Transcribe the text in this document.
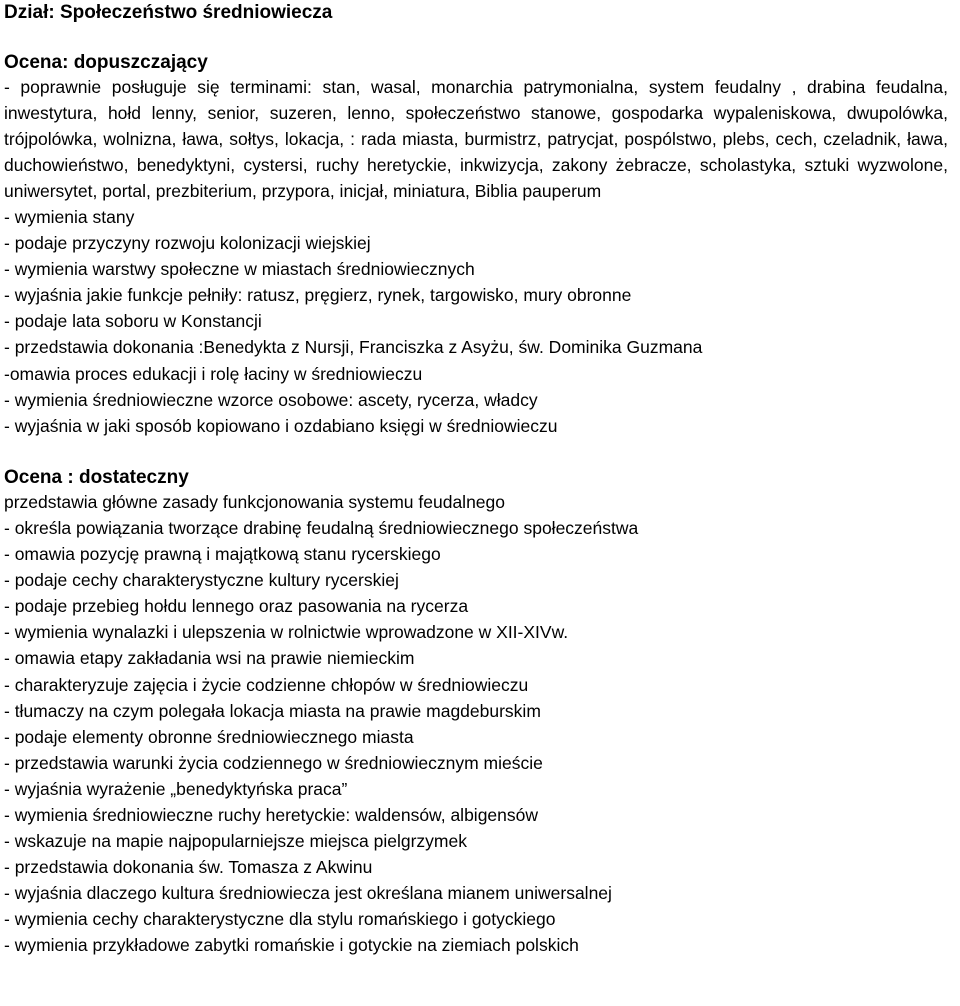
Dział: Społeczeństwo średniowiecza
Ocena: dopuszczający

- poprawnie posługuje się terminami: stan, wasal, monarchia patrymonialna, system feudalny , drabina feudalna, inwestytura, hołd lenny, senior, suzeren, lenno, społeczeństwo stanowe, gospodarka wypaleniskowa, dwupolówka, trójpolówka, wolnizna, ława, sołtys, lokacja, : rada miasta, burmistrz, patrycjat, pospólstwo, plebs, cech, czeladnik, ława, duchowieństwo, benedyktyni, cystersi, ruchy heretyckie, inkwizycja, zakony żebracze, scholastyka, sztuki wyzwolone, uniwersytet, portal, prezbiterium, przypora, inicjał, miniatura, Biblia pauperum

- wymienia stany

- podaje przyczyny rozwoju kolonizacji wiejskiej

- wymienia warstwy społeczne w miastach średniowiecznych

- wyjaśnia jakie funkcje pełniły: ratusz, pręgierz, rynek, targowisko, mury obronne

- podaje lata soboru w Konstancji

- przedstawia dokonania :Benedykta z Nursji, Franciszka z Asyżu, św. Dominika Guzmana

-omawia proces edukacji i rolę łaciny w średniowieczu

- wymienia średniowieczne wzorce osobowe: ascety, rycerza, władcy

- wyjaśnia w jaki sposób kopiowano i ozdabiano księgi w średniowieczu

Ocena : dostateczny

przedstawia główne zasady funkcjonowania systemu feudalnego

- określa powiązania tworzące drabinę feudalną średniowiecznego społeczeństwa

- omawia pozycję prawną i majątkową stanu rycerskiego

- podaje cechy charakterystyczne kultury rycerskiej

- podaje przebieg hołdu lennego oraz pasowania na rycerza

- wymienia wynalazki i ulepszenia w rolnictwie wprowadzone w XII-XIVw.

- omawia etapy zakładania wsi na prawie niemieckim

- charakteryzuje zajęcia i życie codzienne chłopów w średniowieczu

- tłumaczy na czym polegała lokacja miasta na prawie magdeburskim

- podaje elementy obronne średniowiecznego miasta

- przedstawia warunki życia codziennego w średniowiecznym mieście

- wyjaśnia wyrażenie „benedyktyńska praca”

- wymienia średniowieczne ruchy heretyckie: waldensów, albigensów

- wskazuje na mapie najpopularniejsze miejsca pielgrzymek

- przedstawia dokonania św. Tomasza z Akwinu

- wyjaśnia dlaczego kultura średniowiecza jest określana mianem uniwersalnej

- wymienia cechy charakterystyczne dla stylu romańskiego i gotyckiego

- wymienia przykładowe zabytki romańskie i gotyckie na ziemiach polskich
